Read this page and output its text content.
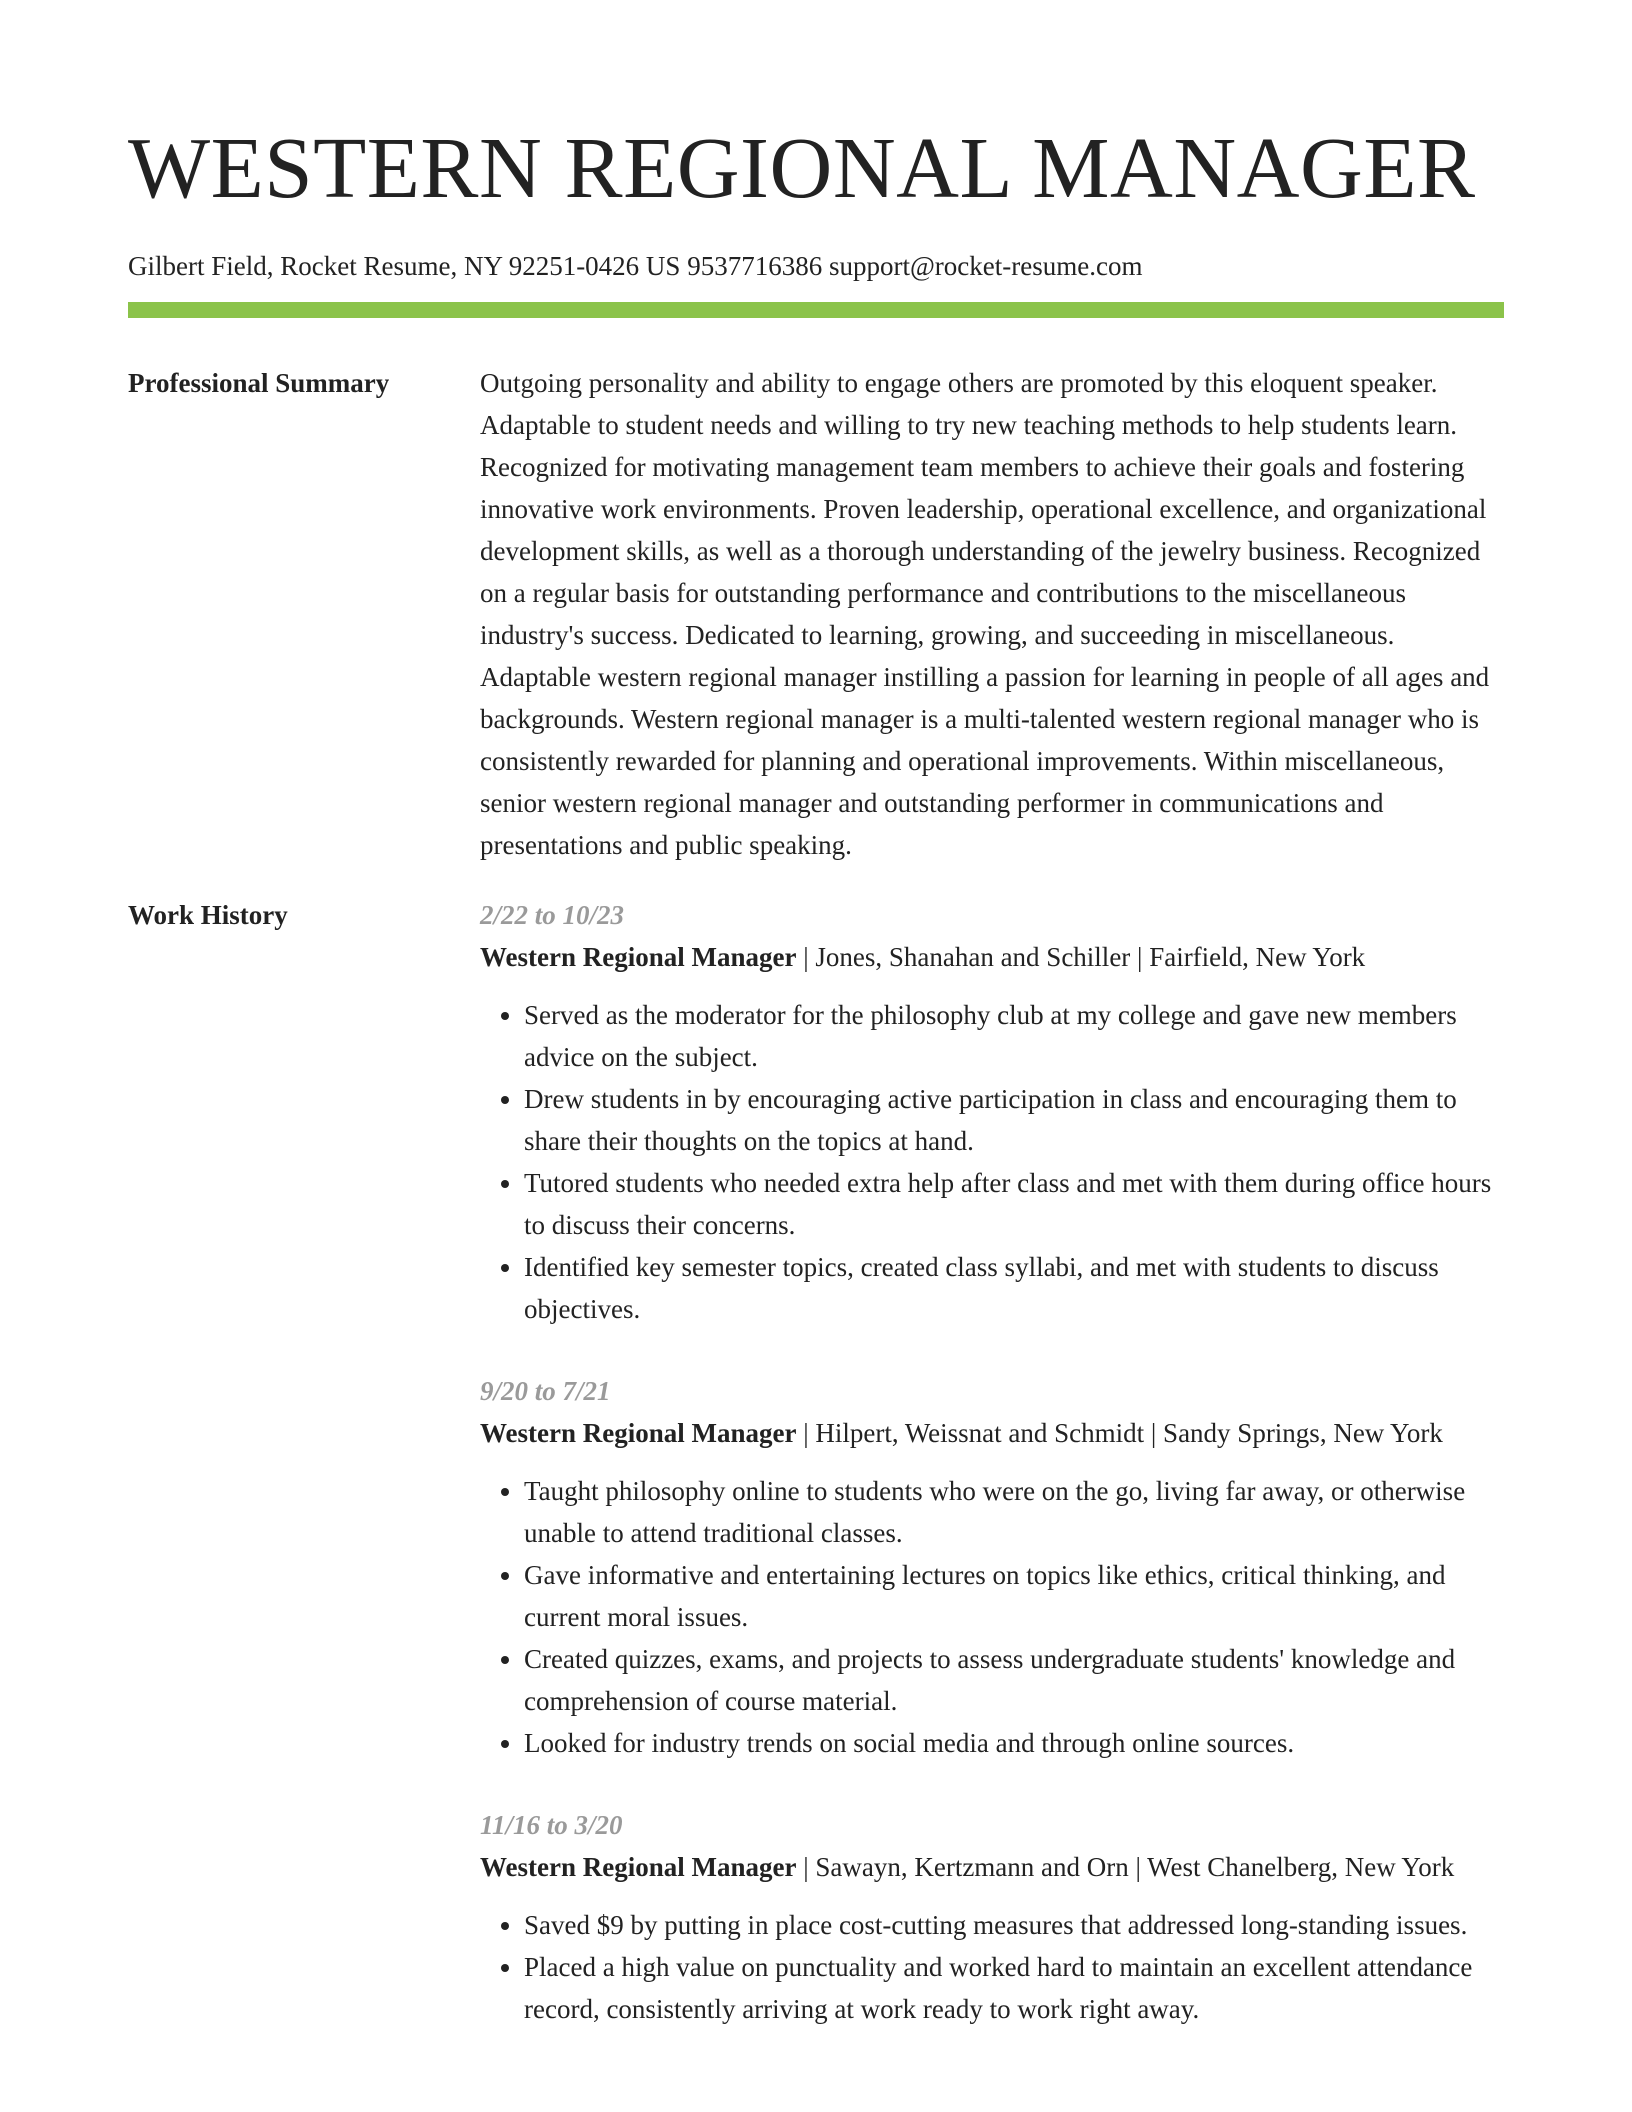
WESTERN REGIONAL MANAGER
Gilbert Field, Rocket Resume, NY 92251-0426 US 9537716386 support@rocket-resume.com
Professional Summary	Outgoing personality and ability to engage others are promoted by this eloquent speaker. Adaptable to student needs and willing to try new teaching methods to help students learn. Recognized for motivating management team members to achieve their goals and fostering innovative work environments. Proven leadership, operational excellence, and organizational development skills, as well as a thorough understanding of the jewelry business. Recognized on a regular basis for outstanding performance and contributions to the miscellaneous industry's success. Dedicated to learning, growing, and succeeding in miscellaneous. Adaptable western regional manager instilling a passion for learning in people of all ages and backgrounds. Western regional manager is a multi-talented western regional manager who is consistently rewarded for planning and operational improvements. Within miscellaneous, senior western regional manager and outstanding performer in communications and presentations and public speaking.
Work History	2/22 to 10/23
Western Regional Manager | Jones, Shanahan and Schiller | Fairfield, New York
• Served as the moderator for the philosophy club at my college and gave new members advice on the subject.
• Drew students in by encouraging active participation in class and encouraging them to share their thoughts on the topics at hand.
• Tutored students who needed extra help after class and met with them during office hours to discuss their concerns.
• Identified key semester topics, created class syllabi, and met with students to discuss objectives.
9/20 to 7/21
Western Regional Manager | Hilpert, Weissnat and Schmidt | Sandy Springs, New York
• Taught philosophy online to students who were on the go, living far away, or otherwise unable to attend traditional classes.
• Gave informative and entertaining lectures on topics like ethics, critical thinking, and current moral issues.
• Created quizzes, exams, and projects to assess undergraduate students' knowledge and comprehension of course material.
• Looked for industry trends on social media and through online sources.
11/16 to 3/20
Western Regional Manager | Sawayn, Kertzmann and Orn | West Chanelberg, New York
• Saved $9 by putting in place cost-cutting measures that addressed long-standing issues.
• Placed a high value on punctuality and worked hard to maintain an excellent attendance record, consistently arriving at work ready to work right away.
